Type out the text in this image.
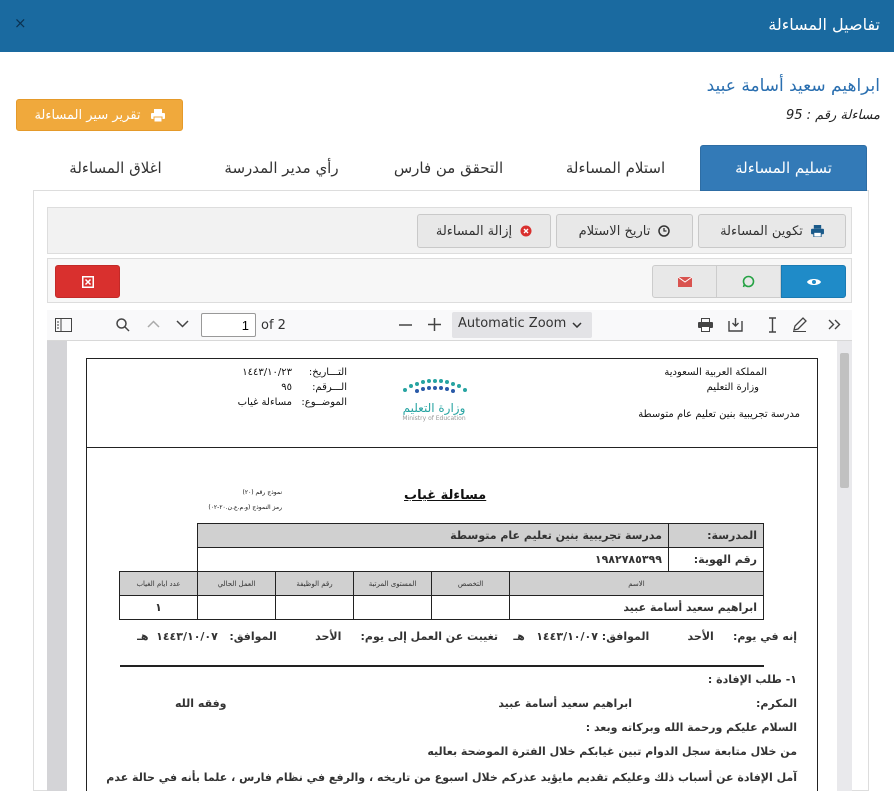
تفاصيل المساءلة
×
ابراهيم سعيد أسامة عبيد
مساءلة رقم : 95
تقرير سير المساءلة
تسليم المساءلة
استلام المساءلة
التحقق من فارس
رأي مدير المدرسة
اغلاق المساءلة
تكوين المساءلة
تاريخ الاستلام
إزالة المساءلة
1
of 2	Automatic Zoom
المملكة العربية السعودية
وزارة التعليم
مدرسة تجريبية بنين تعليم عام متوسطة
وزارة التعليم
Ministry of Education
التـــاريخ:١٤٤٣/١٠/٢٣
الـــرقم:٩٥
الموضــوع:مساءلة غياب
نموذج رقم (٢٠)
رمز النموذج (و.م.ع.ن.٢٠-٠٢)
مساءلة غياب
المدرسة:	مدرسة تجريبية بنين تعليم عام متوسطة					
رقم الهوية:	١٩٨٢٧٨٥٣٩٩					
الاسم		التخصص	المستوى المرتبة	رقم الوظيفة	العمل الحالي	عدد ايام الغياب
ابراهيم سعيد أسامة عبيد						١
إنه في يوم:     الأحد          الموافق: ١٤٤٣/١٠/٠٧   هـ    تغيبت عن العمل إلى يوم:     الأحد          الموافق:   ١٤٤٣/١٠/٠٧  هـ
١- طلب الإفادة :
المكرم:
ابراهيم سعيد أسامة عبيد
وفقه الله
السلام عليكم ورحمة الله وبركاته وبعد :
من خلال متابعة سجل الدوام تبين غيابكم خلال الفترة الموضحة بعاليه
آمل الإفادة عن أسباب ذلك وعليكم تقديم مايؤيد عذركم خلال اسبوع من تاريخه ، والرفع في نظام فارس ، علما بأنه في حالة عدم
